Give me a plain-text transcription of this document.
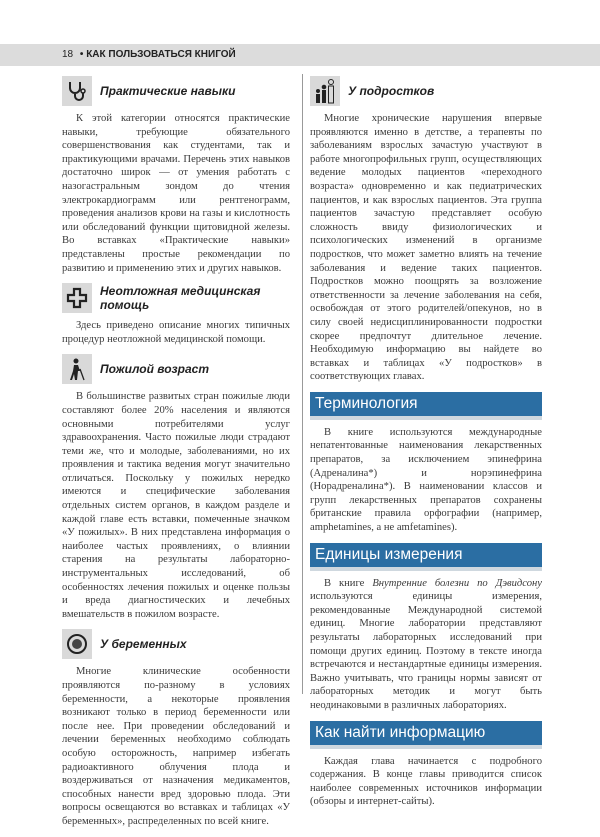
18 • КАК ПОЛЬЗОВАТЬСЯ КНИГОЙ
Практические навыки

К этой категории относятся практические навыки, требующие обязательного совершенствования как студентами, так и практикующими врачами. Перечень этих навыков достаточно широк — от умения работать с назогастральным зондом до чтения электрокардиограмм или рентгенограмм, проведения анализов крови на газы и кислотность или обследований функции щитовидной железы. Во вставках «Практические навыки» представлены простые рекомендации по развитию и применению этих и других навыков.

Неотложная медицинская помощь

Здесь приведено описание многих типичных процедур неотложной медицинской помощи.

Пожилой возраст

В большинстве развитых стран пожилые люди составляют более 20% населения и являются основными потребителями услуг здравоохранения. Часто пожилые люди страдают теми же, что и молодые, заболеваниями, но их проявления и тактика ведения могут значительно отличаться. Поскольку у пожилых нередко имеются и специфические заболевания отдельных систем органов, в каждом разделе и каждой главе есть вставки, помеченные значком «У пожилых». В них представлена информация о наиболее частых проявлениях, о влиянии старения на результаты лабораторно-инструментальных исследований, об особенностях лечения пожилых и оценке пользы и вреда диагностических и лечебных вмешательств в пожилом возрасте.

У беременных

Многие клинические особенности проявляются по-разному в условиях беременности, а некоторые проявления возникают только в период беременности или после нее. При проведении обследований и лечении беременных необходимо соблюдать особую осторожность, например избегать радиоактивного облучения плода и воздерживаться от назначения медикаментов, способных нанести вред здоровью плода. Эти вопросы освещаются во вставках и таблицах «У беременных», распределенных по всей книге.

У подростков

Многие хронические нарушения впервые проявляются именно в детстве, а терапевты по заболеваниям взрослых зачастую участвуют в работе многопрофильных групп, осуществляющих ведение молодых пациентов «переходного возраста» одновременно и как педиатрических пациентов, и как взрослых пациентов. Эта группа пациентов зачастую представляет особую сложность ввиду физиологических и психологических изменений в организме подростков, что может заметно влиять на течение заболевания и ведение таких пациентов. Подростков можно поощрять за возложение ответственности за лечение заболевания на себя, освобождая от этого родителей/опекунов, но в силу своей недисциплинированности подростки скорее предпочтут длительное лечение. Необходимую информацию вы найдете во вставках и таблицах «У подростков» в соответствующих главах.

Терминология

В книге используются международные непатентованные наименования лекарственных препаратов, за исключением эпинефрина (Адреналина*) и норэпинефрина (Норадреналина*). В наименовании классов и групп лекарственных препаратов сохранены британские правила орфографии (например, amphetamines, а не amfetamines).

Единицы измерения

В книге Внутренние болезни по Дэвидсону используются единицы измерения, рекомендованные Международной системой единиц. Многие лаборатории представляют результаты лабораторных исследований при помощи других единиц. Поэтому в тексте иногда встречаются и нестандартные единицы измерения. Важно учитывать, что границы нормы зависят от лабораторных методик и могут быть неодинаковыми в различных лабораториях.

Как найти информацию

Каждая глава начинается с подробного содержания. В конце главы приводится список наиболее современных источников информации (обзоры и интернет-сайты).
